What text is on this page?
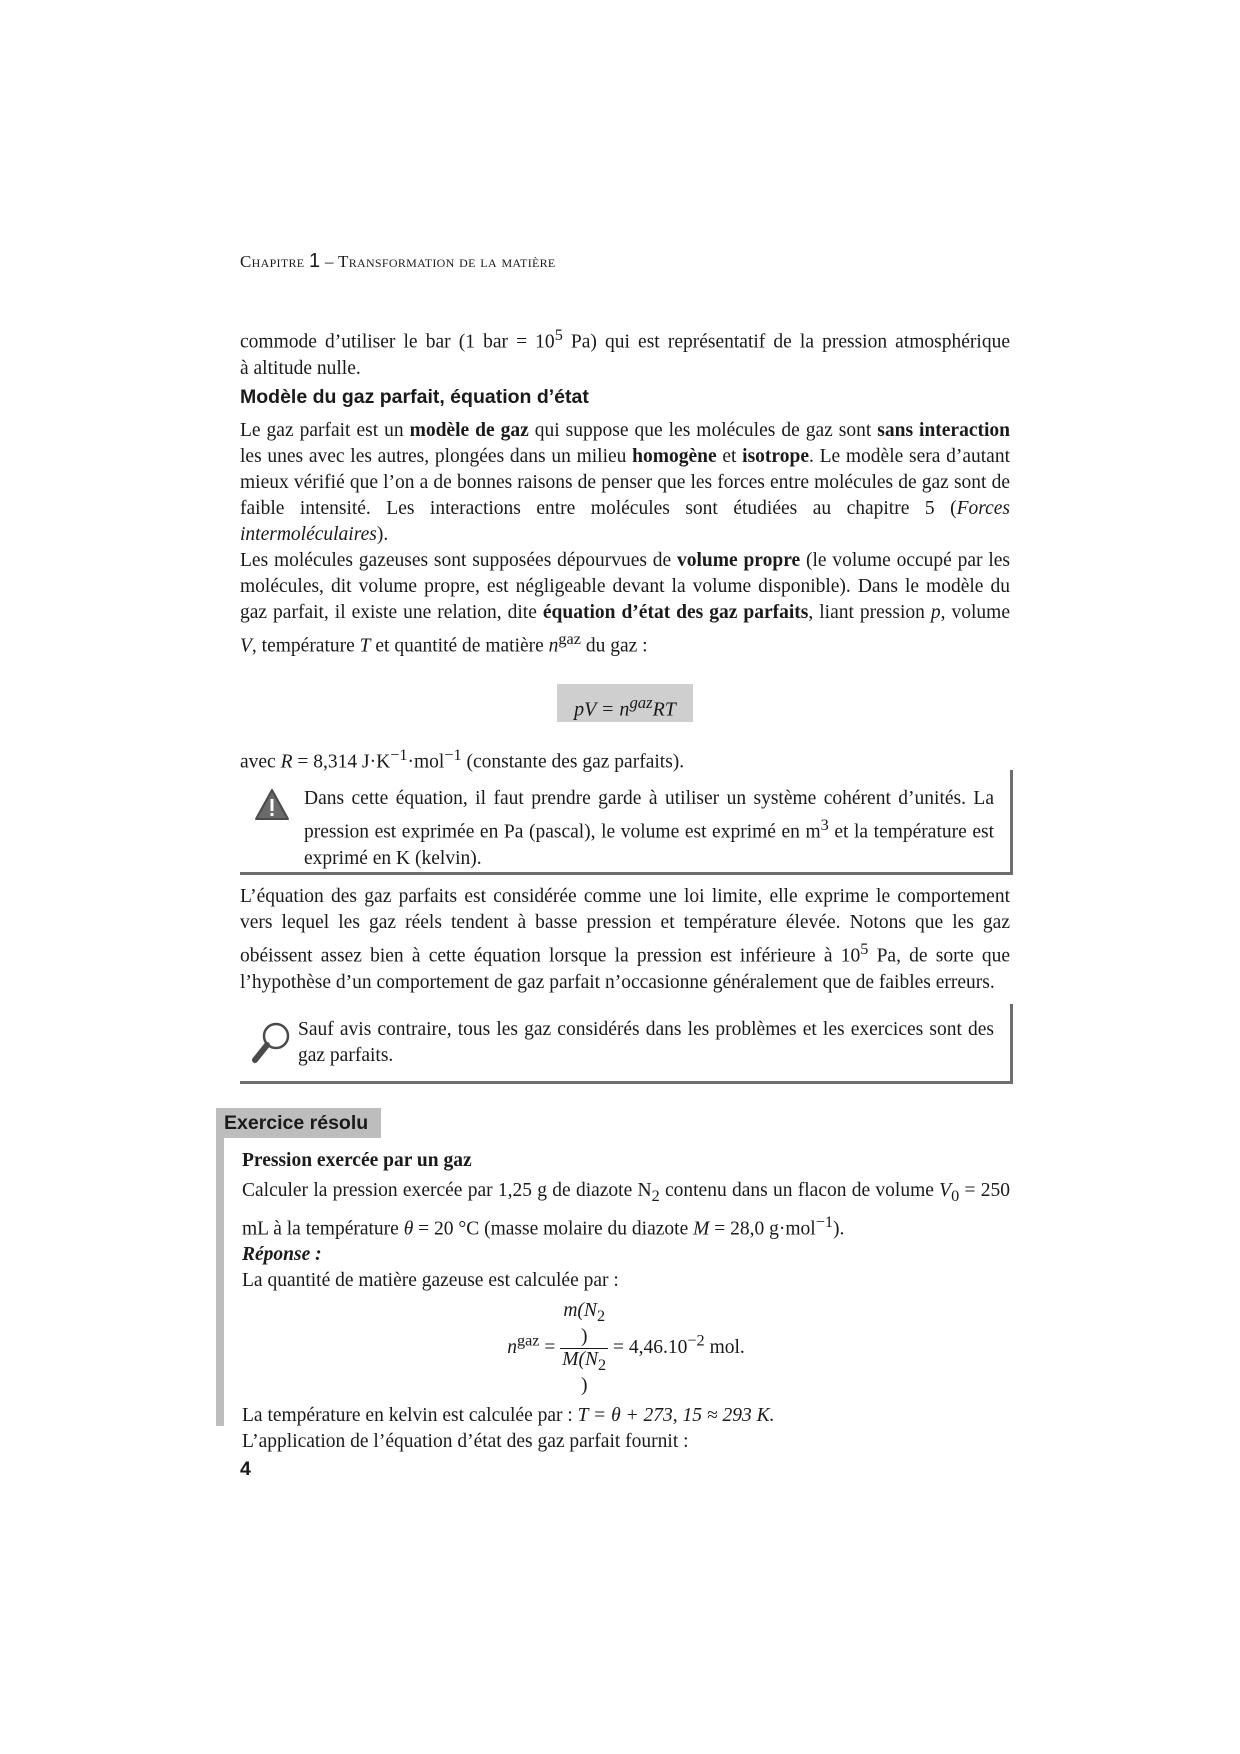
Chapitre 1 – Transformation de la matière

commode d’utiliser le bar (1 bar = $10^5$ Pa) qui est représentatif de la pression atmosphérique

à altitude nulle.

Modèle du gaz parfait, équation d’état

Le gaz parfait est un modèle de gaz qui suppose que les molécules de gaz sont sans interaction les unes avec les autres, plongées dans un milieu homogène et isotrope. Le modèle sera d’autant mieux vérifié que l’on a de bonnes raisons de penser que les forces entre molécules de gaz sont de faible intensité. Les interactions entre molécules sont étudiées au chapitre 5 (Forces intermoléculaires).

Les molécules gazeuses sont supposées dépourvues de volume propre (le volume occupé par les molécules, dit volume propre, est négligeable devant la volume disponible). Dans le modèle du gaz parfait, il existe une relation, dite équation d’état des gaz parfaits, liant pression p, volume V, température T et quantité de matière $n^{gaz}$ du gaz :

pV = $n^{gaz}RT$

avec R = 8,314 $J\cdot K^{-1}\cdot mol^{-1}$ (constante des gaz parfaits).

Dans cette équation, il faut prendre garde à utiliser un système cohérent d’unités. La pression est exprimée en Pa (pascal), le volume est exprimé en $m^3$ et la température est exprimé en K (kelvin).

L’équation des gaz parfaits est considérée comme une loi limite, elle exprime le comportement vers lequel les gaz réels tendent à basse pression et température élevée. Notons que les gaz obéissent assez bien à cette équation lorsque la pression est inférieure à $10^5$ Pa, de sorte que l’hypothèse d’un comportement de gaz parfait n’occasionne généralement que de faibles erreurs.

Sauf avis contraire, tous les gaz considérés dans les problèmes et les exercices sont des gaz parfaits.

Exercice résolu

Pression exercée par un gaz

Calculer la pression exercée par 1,25 g de diazote $N_2$ contenu dans un flacon de volume $V_0 = 250$ mL à la température θ = 20 °C (masse molaire du diazote M = 28,0 g·mol$^{-1}$).

Réponse :

La quantité de matière gazeuse est calculée par :

$n^{gaz} = m(N_2$
)
$M(N_2$
) = $4,46.10^{-2}$ mol.

La température en kelvin est calculée par : T = θ + 273, 15 ≈ 293 K.

L’application de l’équation d’état des gaz parfait fournit :

4
